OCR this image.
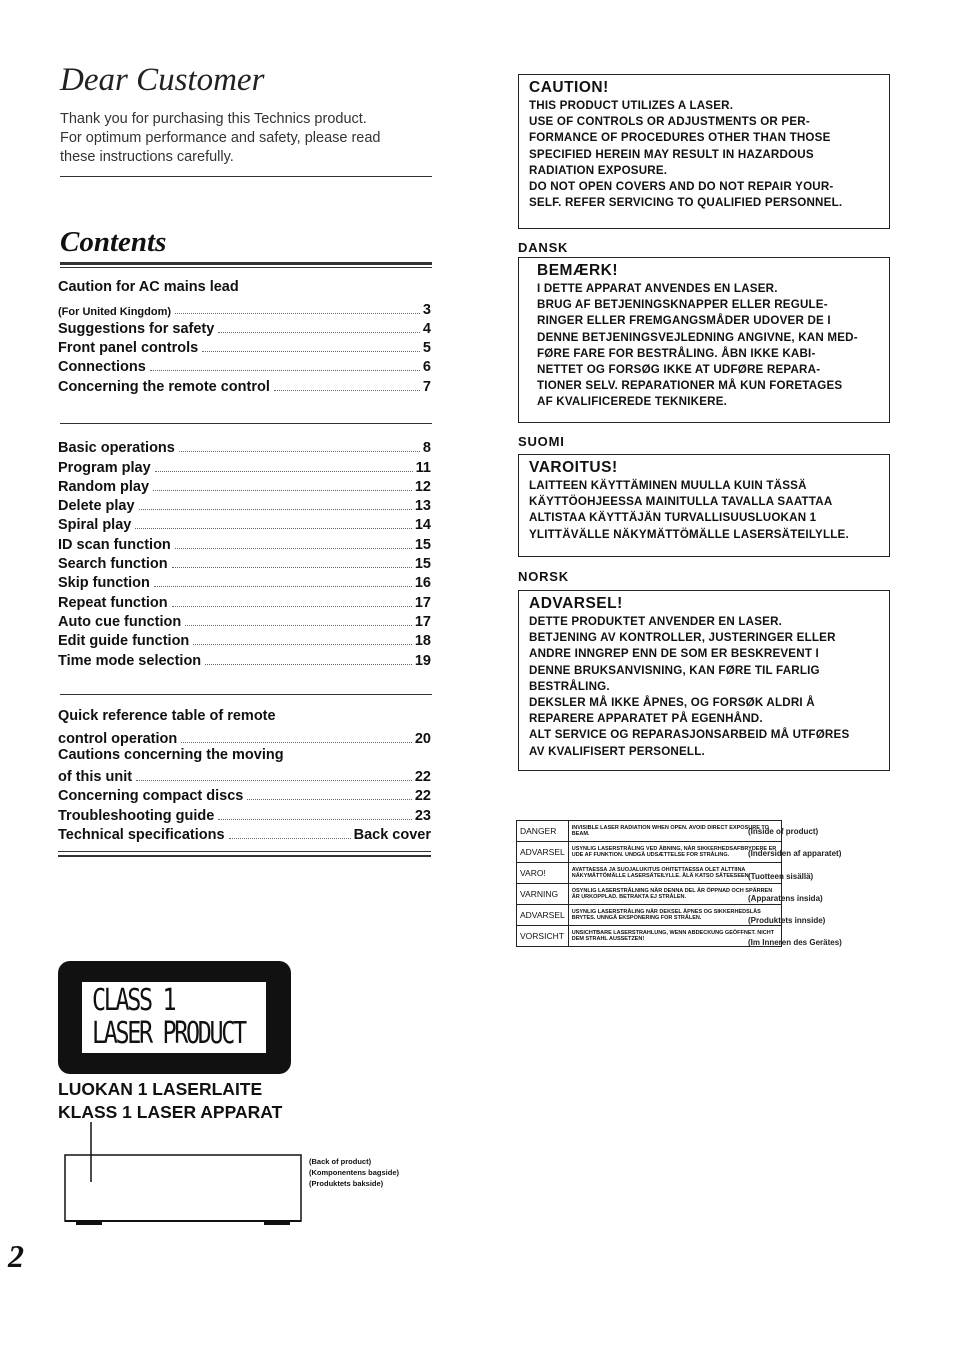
Dear Customer
Thank you for purchasing this Technics product.
For optimum performance and safety, please read
these instructions carefully.
Contents
Caution for AC mains lead
(For United Kingdom)	3
Suggestions for safety	4
Front panel controls	5
Connections	6
Concerning the remote control	7
Basic operations	8
Program play	11
Random play	12
Delete play	13
Spiral play	14
ID scan function	15
Search function	15
Skip function	16
Repeat function	17
Auto cue function	17
Edit guide function	18
Time mode selection	19
Quick reference table of remote
control operation	20
Cautions concerning the moving
of this unit	22
Concerning compact discs	22
Troubleshooting guide	23
Technical specifications	Back cover
CLASS 1
LASER PRODUCT
LUOKAN 1 LASERLAITE
KLASS 1 LASER APPARAT
(Back of product)
(Komponentens bagside)
(Produktets bakside)
2
CAUTION!
THIS PRODUCT UTILIZES A LASER.
USE OF CONTROLS OR ADJUSTMENTS OR PER-
FORMANCE OF PROCEDURES OTHER THAN THOSE
SPECIFIED HEREIN MAY RESULT IN HAZARDOUS
RADIATION EXPOSURE.
DO NOT OPEN COVERS AND DO NOT REPAIR YOUR-
SELF. REFER SERVICING TO QUALIFIED PERSONNEL.
DANSK
BEMÆRK!
I DETTE APPARAT ANVENDES EN LASER.
BRUG AF BETJENINGSKNAPPER ELLER REGULE-
RINGER ELLER FREMGANGSMÅDER UDOVER DE I
DENNE BETJENINGSVEJLEDNING ANGIVNE, KAN MED-
FØRE FARE FOR BESTRÅLING. ÅBN IKKE KABI-
NETTET OG FORSØG IKKE AT UDFØRE REPARA-
TIONER SELV. REPARATIONER MÅ KUN FORETAGES
AF KVALIFICEREDE TEKNIKERE.
SUOMI
VAROITUS!
LAITTEEN KÄYTTÄMINEN MUULLA KUIN TÄSSÄ
KÄYTTÖOHJEESSA MAINITULLA TAVALLA SAATTAA
ALTISTAA KÄYTTÄJÄN TURVALLISUUSLUOKAN 1
YLITTÄVÄLLE NÄKYMÄTTÖMÄLLE LASERSÄTEILYLLE.
NORSK
ADVARSEL!
DETTE PRODUKTET ANVENDER EN LASER.
BETJENING AV KONTROLLER, JUSTERINGER ELLER
ANDRE INNGREP ENN DE SOM ER BESKREVENT I
DENNE BRUKSANVISNING, KAN FØRE TIL FARLIG
BESTRÅLING.
DEKSLER MÅ IKKE ÅPNES, OG FORSØK ALDRI Å
REPARERE APPARATET PÅ EGENHÅND.
ALT SERVICE OG REPARASJONSARBEID MÅ UTFØRES
AV KVALIFISERT PERSONELL.
DANGER	INVISIBLE LASER RADIATION WHEN OPEN. AVOID DIRECT EXPOSURE TO BEAM.
ADVARSEL	USYNLIG LASERSTRÅLING VED ÅBNING, NÅR SIKKERHEDSAFBRYDERE ER UDE AF FUNKTION. UNDGÅ UDSÆTTELSE FOR STRÅLING.
VARO!	AVATTAESSA JA SUOJALUKITUS OHITETTAESSA OLET ALTTIINA NÄKYMÄTTÖMÄLLE LASERSÄTEILYLLE. ÄLÄ KATSO SÄTEESEEN.
VARNING	OSYNLIG LASERSTRÅLNING NÄR DENNA DEL ÄR ÖPPNAD OCH SPÄRREN ÄR URKOPPLAD. BETRAKTA EJ STRÅLEN.
ADVARSEL	USYNLIG LASERSTRÅLING NÅR DEKSEL ÅPNES OG SIKKERHEDSLÅS BRYTES. UNNGÅ EKSPONERING FOR STRÅLEN.
VORSICHT	UNSICHTBARE LASERSTRAHLUNG, WENN ABDECKUNG GEÖFFNET. NICHT DEM STRAHL AUSSETZEN!
(Inside of product)
(Indersiden af apparatet)
(Tuotteen sisällä)
(Apparatens insida)
(Produktets innside)
(Im Inneren des Gerätes)
